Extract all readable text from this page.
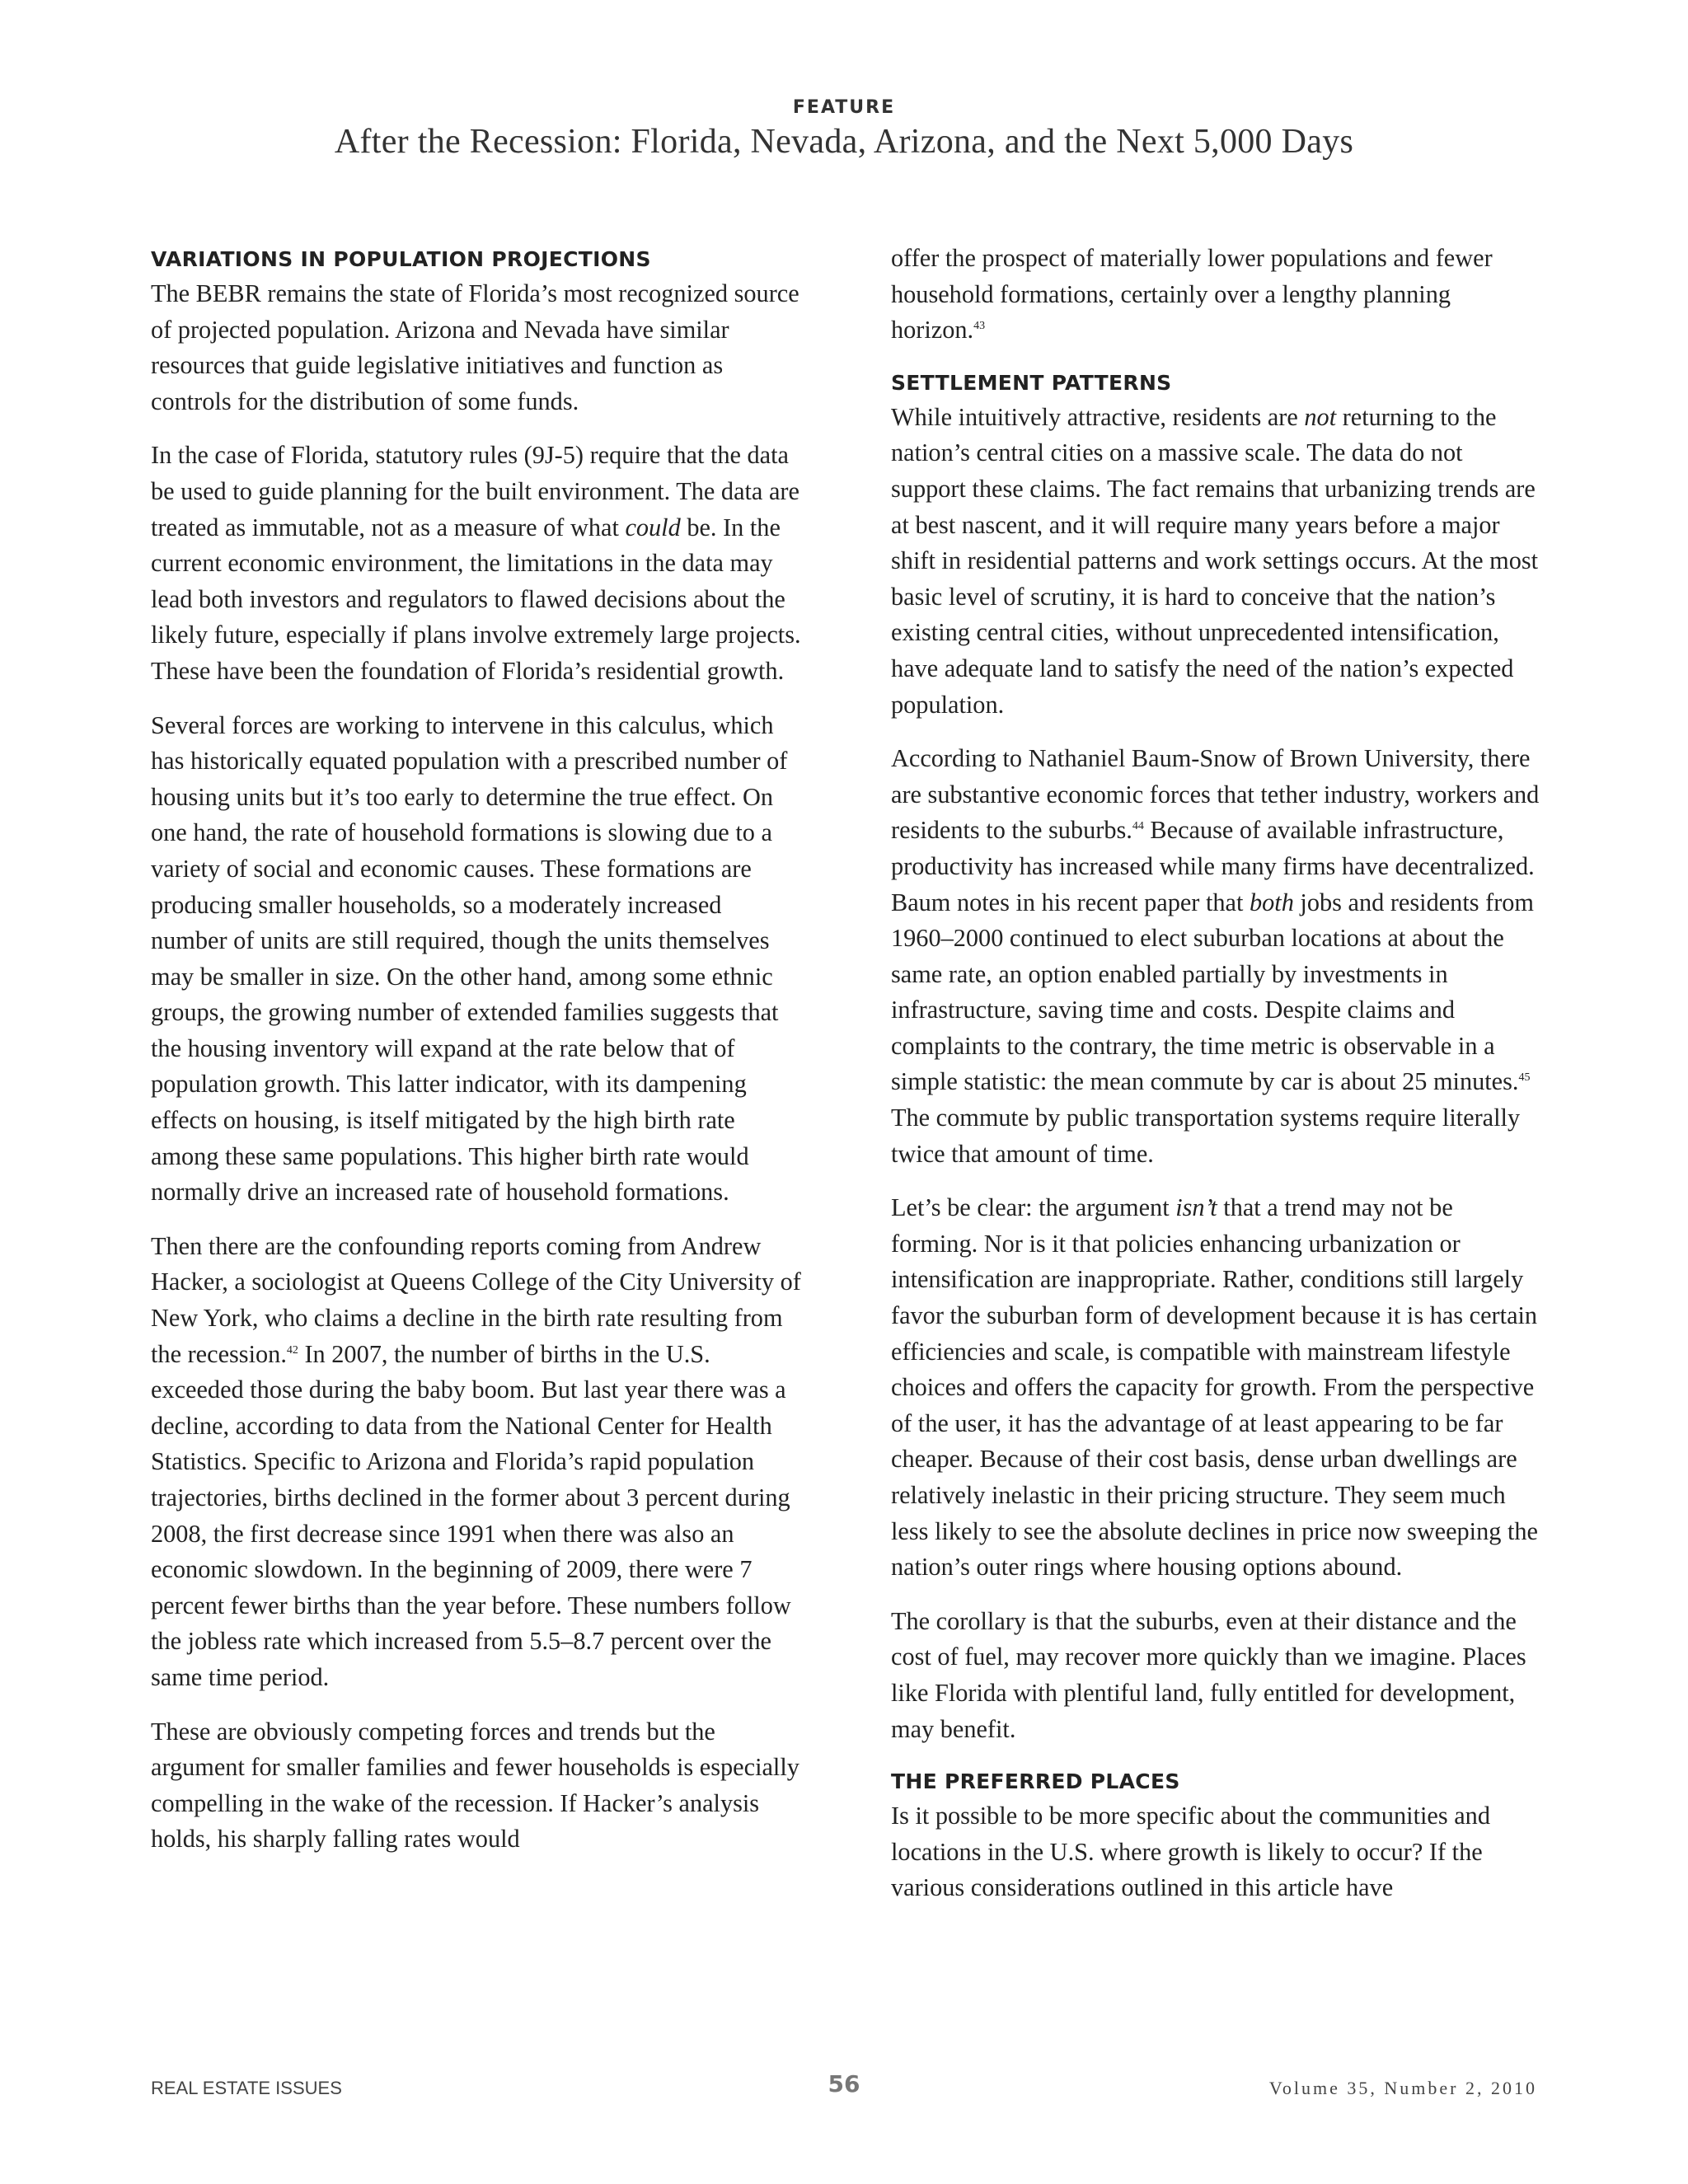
FEATURE
After the Recession: Florida, Nevada, Arizona, and the Next 5,000 Days
VARIATIONS IN POPULATION PROJECTIONS

The BEBR remains the state of Florida’s most recognized source of projected population. Arizona and Nevada have similar resources that guide legislative initiatives and function as controls for the distribution of some funds.

In the case of Florida, statutory rules (9J-5) require that the data be used to guide planning for the built environment. The data are treated as immutable, not as a measure of what could be. In the current economic environment, the limitations in the data may lead both investors and regulators to flawed decisions about the likely future, especially if plans involve extremely large projects. These have been the foundation of Florida’s residential growth.

Several forces are working to intervene in this calculus, which has historically equated population with a prescribed number of housing units but it’s too early to determine the true effect. On one hand, the rate of household formations is slowing due to a variety of social and economic causes. These formations are producing smaller households, so a moderately increased number of units are still required, though the units themselves may be smaller in size. On the other hand, among some ethnic groups, the growing number of extended families suggests that the housing inventory will expand at the rate below that of population growth. This latter indicator, with its dampening effects on housing, is itself mitigated by the high birth rate among these same populations. This higher birth rate would normally drive an increased rate of household formations.

Then there are the confounding reports coming from Andrew Hacker, a sociologist at Queens College of the City University of New York, who claims a decline in the birth rate resulting from the recession.$^{42}$ In 2007, the number of births in the U.S. exceeded those during the baby boom. But last year there was a decline, according to data from the National Center for Health Statistics. Specific to Arizona and Florida’s rapid population trajectories, births declined in the former about 3 percent during 2008, the first decrease since 1991 when there was also an economic slowdown. In the beginning of 2009, there were 7 percent fewer births than the year before. These numbers follow the jobless rate which increased from 5.5–8.7 percent over the same time period.

These are obviously competing forces and trends but the argument for smaller families and fewer households is especially compelling in the wake of the recession. If Hacker’s analysis holds, his sharply falling rates would

offer the prospect of materially lower populations and fewer household formations, certainly over a lengthy planning horizon.$^{43}$

SETTLEMENT PATTERNS

While intuitively attractive, residents are not returning to the nation’s central cities on a massive scale. The data do not support these claims. The fact remains that urbanizing trends are at best nascent, and it will require many years before a major shift in residential patterns and work settings occurs. At the most basic level of scrutiny, it is hard to conceive that the nation’s existing central cities, without unprecedented intensification, have adequate land to satisfy the need of the nation’s expected population.

According to Nathaniel Baum-Snow of Brown University, there are substantive economic forces that tether industry, workers and residents to the suburbs.$^{44}$ Because of available infrastructure, productivity has increased while many firms have decentralized. Baum notes in his recent paper that both jobs and residents from 1960–2000 continued to elect suburban locations at about the same rate, an option enabled partially by investments in infrastructure, saving time and costs. Despite claims and complaints to the contrary, the time metric is observable in a simple statistic: the mean commute by car is about 25 minutes.$^{45}$ The commute by public transportation systems require literally twice that amount of time.

Let’s be clear: the argument isn’t that a trend may not be forming. Nor is it that policies enhancing urbanization or intensification are inappropriate. Rather, conditions still largely favor the suburban form of development because it is has certain efficiencies and scale, is compatible with mainstream lifestyle choices and offers the capacity for growth. From the perspective of the user, it has the advantage of at least appearing to be far cheaper. Because of their cost basis, dense urban dwellings are relatively inelastic in their pricing structure. They seem much less likely to see the absolute declines in price now sweeping the nation’s outer rings where housing options abound.

The corollary is that the suburbs, even at their distance and the cost of fuel, may recover more quickly than we imagine. Places like Florida with plentiful land, fully entitled for development, may benefit.

THE PREFERRED PLACES

Is it possible to be more specific about the communities and locations in the U.S. where growth is likely to occur? If the various considerations outlined in this article have

REAL ESTATE ISSUES	56	Volume 35, Number 2, 2010
